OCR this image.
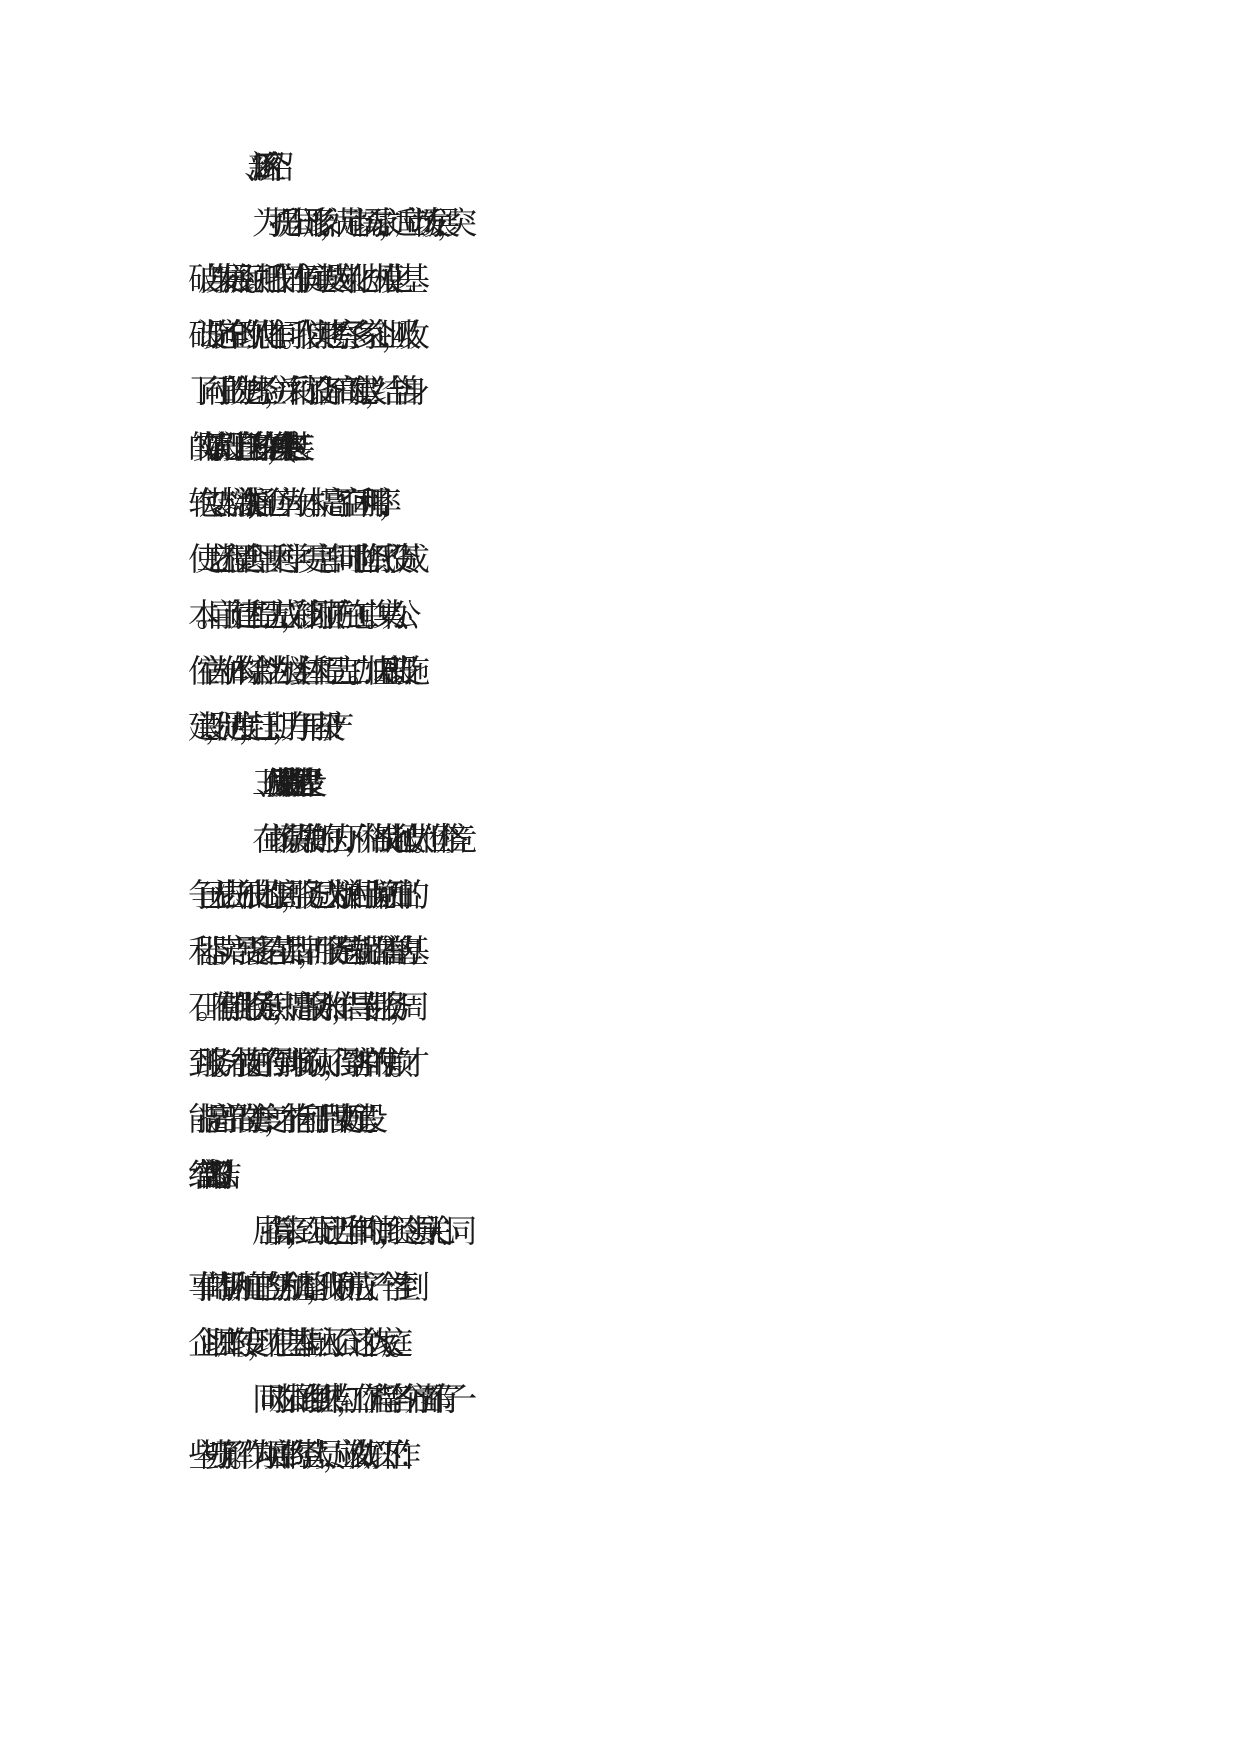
2、新厂区介绍

为了提升公司形象，满足市场需求，适应市场发展，突

破自身发展瓶颈。把我们的车间建设成专业化、规模化、基

础设施齐全的现代化车间。我们实地考察了多家企业，吸收

了同行业的先进经验，并采纳了设备厂商的建议，结合自身

的实际情况。设计了自已的多功能车间，集生产(中小包装、

软包装、棕油袋)洗桶、仓库为一体。提高了空间利用率，

使工艺流程更合理、更科学、更完善。同时也降低了投资成

本。目前土建工程已完成，彩钢封顶正在施工中。集办公、

住宿为一体的综合性为公楼主体工程已完工。加快基础设施

建设，促进度，赶工期，力争早日投产!

三、以优质服务促进品牌建设

在市场供需失衡的压力下，价格战此起彼伏。但价格竞

争已无法拉开彼此的距离，服务已成为粮油行业脱颖而出的

利器。卖产品更多是在卖品牌，而服务是铸就品牌信誉的基

石。唯有强化服务意识，提高服务水准，倡导专业服务，周

到服务。才能更好的得到市场的认可，得到客户的信赖。才

能提高产品的美誉度，才能有利于品牌更好建设。

经营部部门总结3

屈指算来，到公司已近半年的时间，经过领导关心、同

事们的帮助和自已的努力和调整，我顺利完成了一个学生到

企业职工的转变，现在已基本上融入了公司这个大家庭。

同时对公司的组织结构，工作流程等各个方面都有了一

些初步了解。作为项目部的经营人员，应该做好以下工作：
